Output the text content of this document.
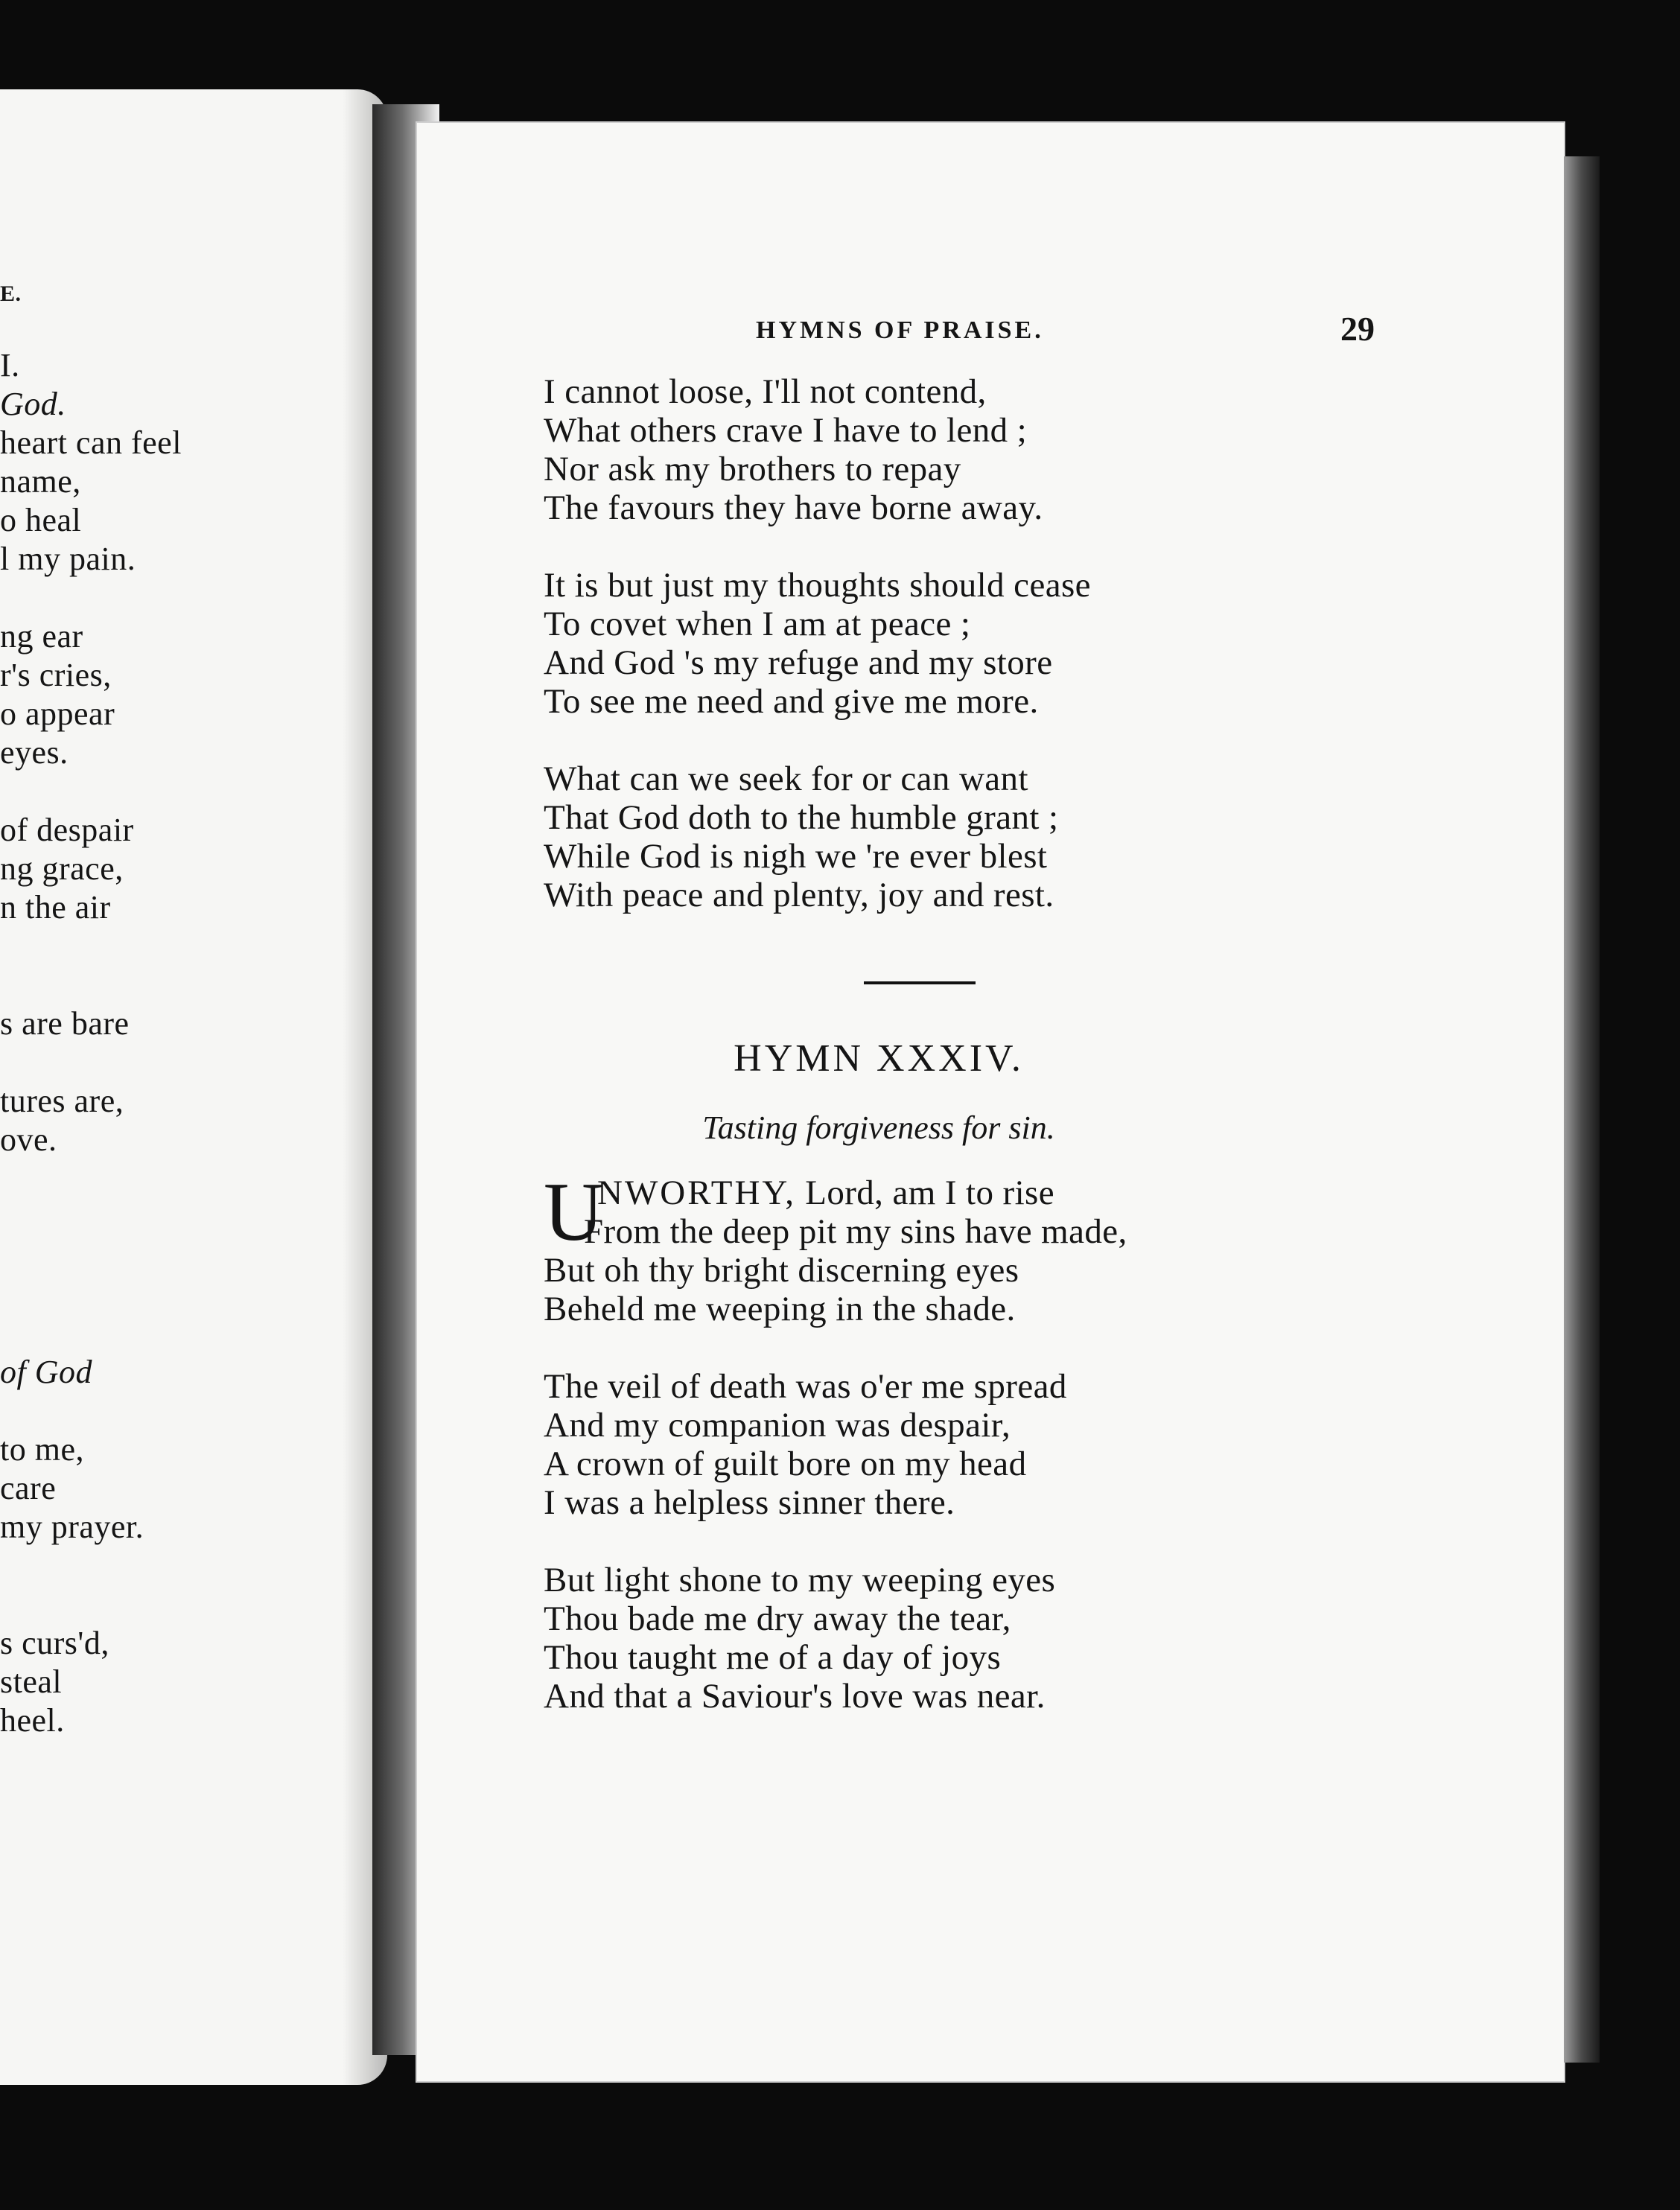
E.
I.
God.
heart can feel
name,
o heal
l my pain.
ng ear
r's cries,
o appear
eyes.
of despair
ng grace,
n the air
s are bare
tures are,
ove.
of God
to me,
care
my prayer.
s curs'd,
steal
heel.
HYMNS OF PRAISE.	29
I cannot loose, I'll not contend,
What others crave I have to lend ;
Nor ask my brothers to repay
The favours they have borne away.
It is but just my thoughts should cease
To covet when I am at peace ;
And God 's my refuge and my store
To see me need and give me more.
What can we seek for or can want
That God doth to the humble grant ;
While God is nigh we 're ever blest
With peace and plenty, joy and rest.
HYMN XXXIV.
Tasting forgiveness for sin.
U
NWORTHY, Lord, am I to rise
From the deep pit my sins have made,
But oh thy bright discerning eyes
Beheld me weeping in the shade.
The veil of death was o'er me spread
And my companion was despair,
A crown of guilt bore on my head
I was a helpless sinner there.
But light shone to my weeping eyes
Thou bade me dry away the tear,
Thou taught me of a day of joys
And that a Saviour's love was near.
